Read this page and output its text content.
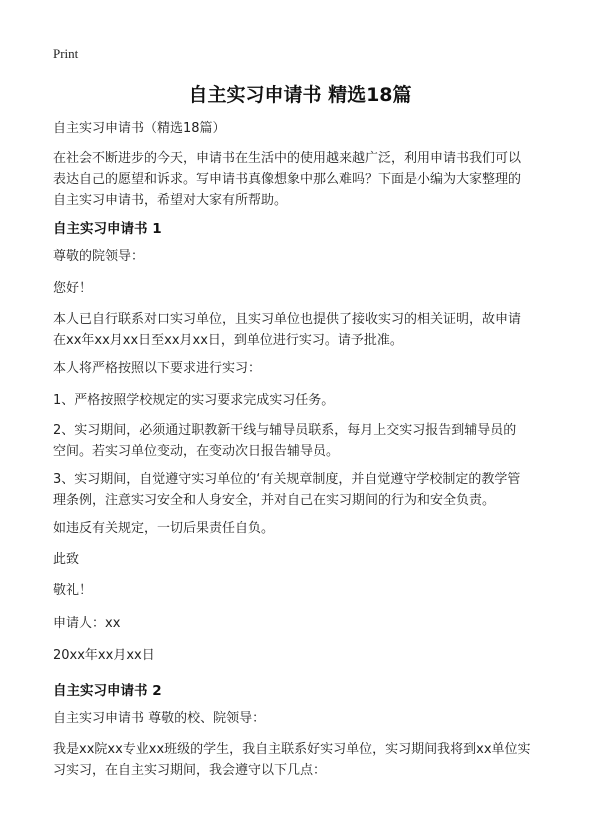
Print
自主实习申请书 精选18篇
自主实习申请书（精选18篇）
在社会不断进步的今天，申请书在生活中的使用越来越广泛，利用申请书我们可以
表达自己的愿望和诉求。写申请书真像想象中那么难吗？下面是小编为大家整理的
自主实习申请书，希望对大家有所帮助。
自主实习申请书 1
尊敬的院领导：
您好！
本人已自行联系对口实习单位，且实习单位也提供了接收实习的相关证明，故申请
在xx年xx月xx日至xx月xx日，到单位进行实习。请予批准。
本人将严格按照以下要求进行实习：
1、严格按照学校规定的实习要求完成实习任务。
2、实习期间，必须通过职教新干线与辅导员联系，每月上交实习报告到辅导员的
空间。若实习单位变动，在变动次日报告辅导员。
3、实习期间，自觉遵守实习单位的‘有关规章制度，并自觉遵守学校制定的教学管
理条例，注意实习安全和人身安全，并对自己在实习期间的行为和安全负责。
如违反有关规定，一切后果责任自负。
此致
敬礼！
申请人：xx
20xx年xx月xx日
自主实习申请书 2
自主实习申请书 尊敬的校、院领导：
我是xx院xx专业xx班级的学生，我自主联系好实习单位，实习期间我将到xx单位实
习实习，在自主实习期间，我会遵守以下几点：
